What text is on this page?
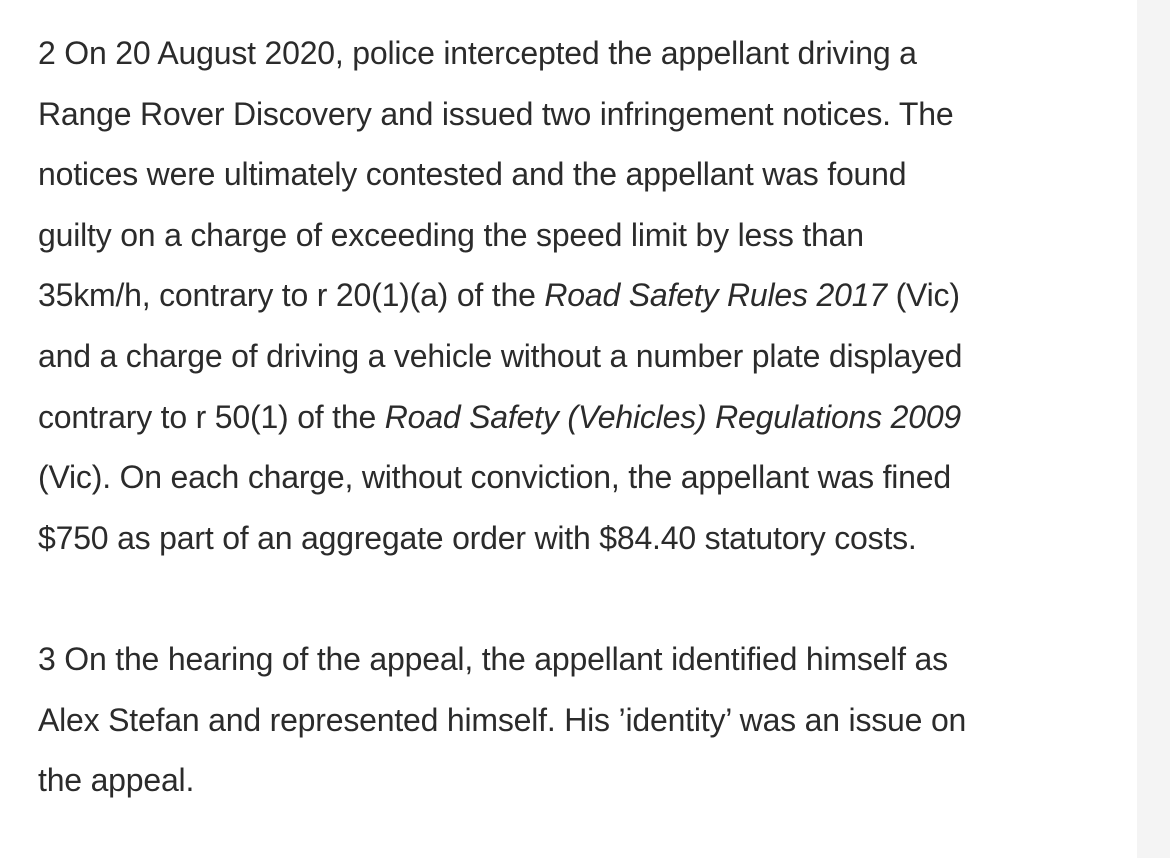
2 On 20 August 2020, police intercepted the appellant driving a
Range Rover Discovery and issued two infringement notices. The
notices were ultimately contested and the appellant was found
guilty on a charge of exceeding the speed limit by less than
35km/h, contrary to r 20(1)(a) of the Road Safety Rules 2017 (Vic)
and a charge of driving a vehicle without a number plate displayed
contrary to r 50(1) of the Road Safety (Vehicles) Regulations 2009
(Vic). On each charge, without conviction, the appellant was fined
$750 as part of an aggregate order with $84.40 statutory costs.

3 On the hearing of the appeal, the appellant identified himself as
Alex Stefan and represented himself. His ’identity’ was an issue on
the appeal.
